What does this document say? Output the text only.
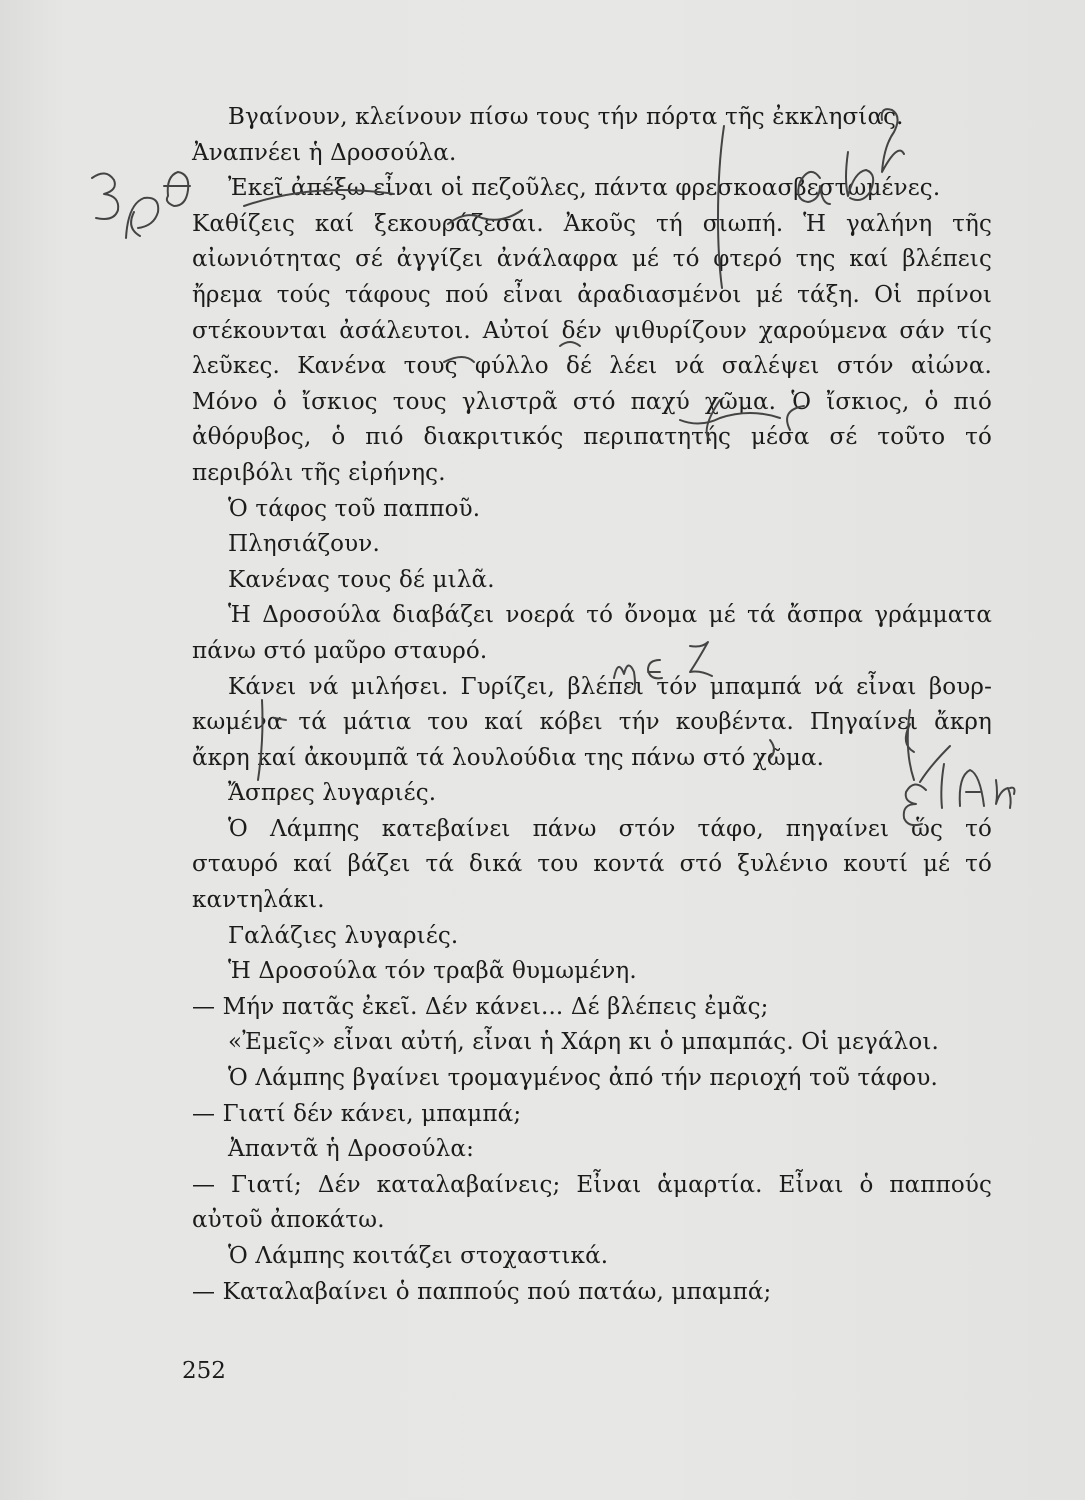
Βγαίνουν, κλείνουν πίσω τους τήν πόρτα τῆς ἐκκλησίας.
Ἀναπνέει ἡ Δροσούλα.
Ἐκεῖ ἀπέξω εἶναι οἱ πεζοῦλες, πάντα φρεσκοασβεστωμένες.
Καθίζεις καί ξεκουράζεσαι. Ἀκοῦς τή σιωπή. Ἡ γαλήνη τῆς
αἰωνιότητας σέ ἀγγίζει ἀνάλαφρα μέ τό φτερό της καί βλέπεις
ἤρεμα τούς τάφους πού εἶναι ἀραδιασμένοι μέ τάξη. Οἱ πρίνοι
στέκουνται ἀσάλευτοι. Αὐτοί δέν ψιθυρίζουν χαρούμενα σάν τίς
λεῦκες. Κανένα τους φύλλο δέ λέει νά σαλέψει στόν αἰώνα.
Μόνο ὁ ἴσκιος τους γλιστρᾶ στό παχύ χῶμα. Ὁ ἴσκιος, ὁ πιό
ἀθόρυβος, ὁ πιό διακριτικός περιπατητής μέσα σέ τοῦτο τό
περιβόλι τῆς εἰρήνης.
Ὁ τάφος τοῦ παπποῦ.
Πλησιάζουν.
Κανένας τους δέ μιλᾶ.
Ἡ Δροσούλα διαβάζει νοερά τό ὄνομα μέ τά ἄσπρα γράμματα
πάνω στό μαῦρο σταυρό.
Κάνει νά μιλήσει. Γυρίζει, βλέπει τόν μπαμπά νά εἶναι βουρ-
κωμένα τά μάτια του καί κόβει τήν κουβέντα. Πηγαίνει ἄκρη
ἄκρη καί ἀκουμπᾶ τά λουλούδια της πάνω στό χῶμα.
Ἄσπρες λυγαριές.
Ὁ Λάμπης κατεβαίνει πάνω στόν τάφο, πηγαίνει ὥς τό
σταυρό καί βάζει τά δικά του κοντά στό ξυλένιο κουτί μέ τό
καντηλάκι.
Γαλάζιες λυγαριές.
Ἡ Δροσούλα τόν τραβᾶ θυμωμένη.
— Μήν πατᾶς ἐκεῖ. Δέν κάνει... Δέ βλέπεις ἐμᾶς;
«Ἐμεῖς» εἶναι αὐτή, εἶναι ἡ Χάρη κι ὁ μπαμπάς. Οἱ μεγάλοι.
Ὁ Λάμπης βγαίνει τρομαγμένος ἀπό τήν περιοχή τοῦ τάφου.
— Γιατί δέν κάνει, μπαμπά;
Ἀπαντᾶ ἡ Δροσούλα:
— Γιατί; Δέν καταλαβαίνεις; Εἶναι ἁμαρτία. Εἶναι ὁ παππούς
αὐτοῦ ἀποκάτω.
Ὁ Λάμπης κοιτάζει στοχαστικά.
— Καταλαβαίνει ὁ παππούς πού πατάω, μπαμπά;
252
